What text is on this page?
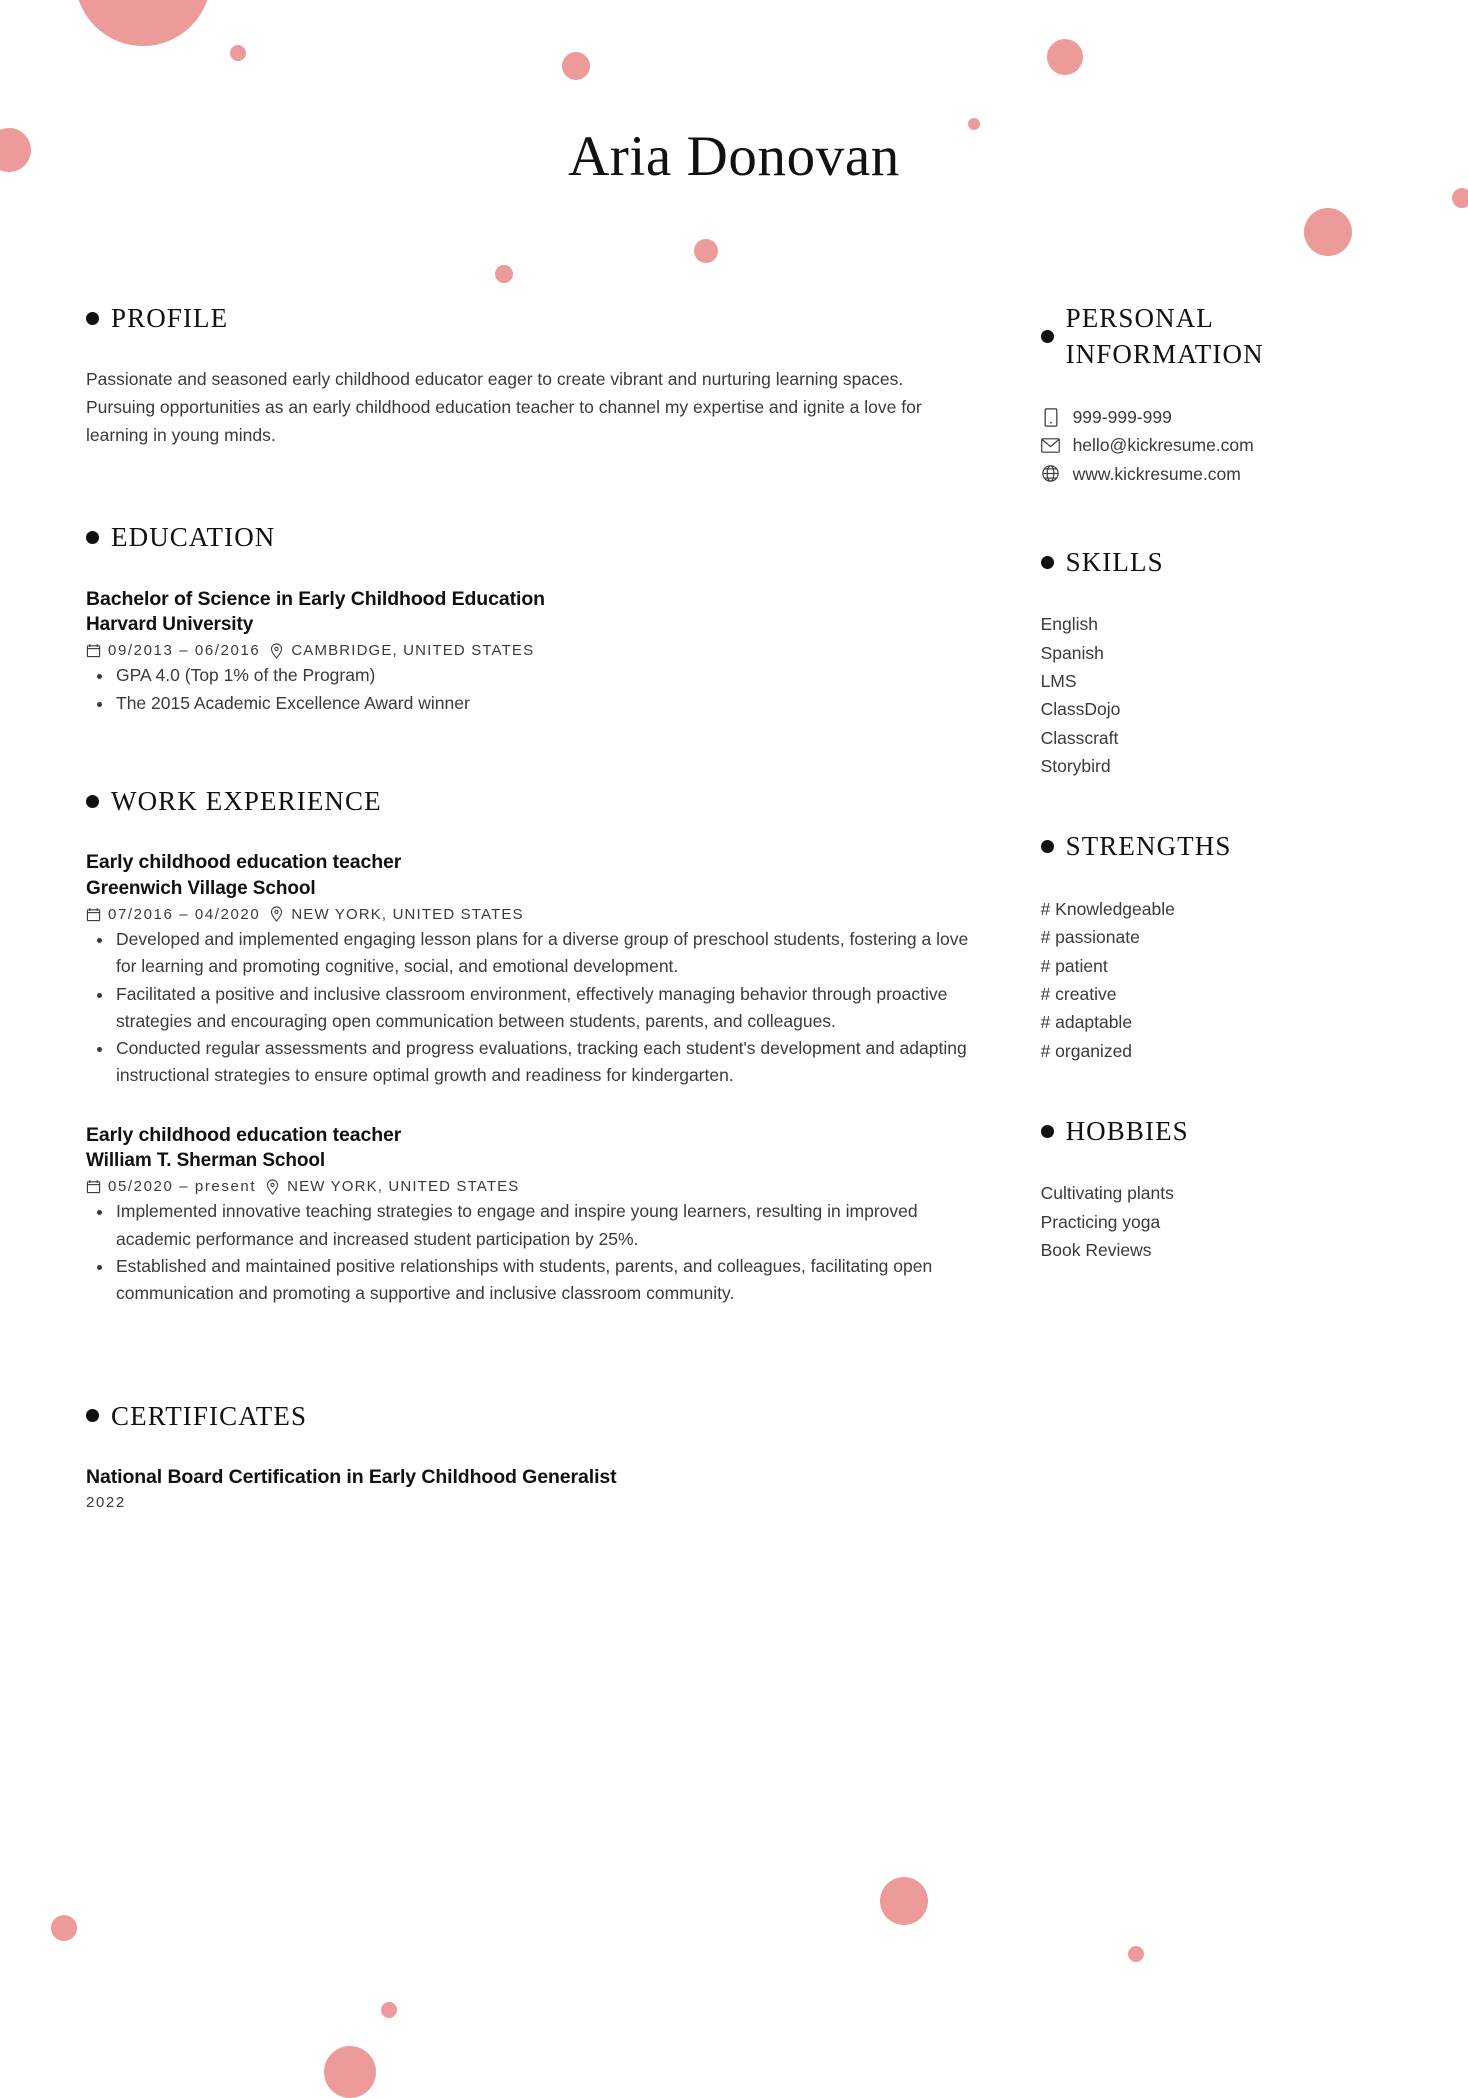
Aria Donovan
PROFILE
Passionate and seasoned early childhood educator eager to create vibrant and nurturing learning spaces. Pursuing opportunities as an early childhood education teacher to channel my expertise and ignite a love for learning in young minds.
EDUCATION
Bachelor of Science in Early Childhood Education
Harvard University
09/2013 – 06/2016 CAMBRIDGE, UNITED STATES
GPA 4.0 (Top 1% of the Program)
The 2015 Academic Excellence Award winner
WORK EXPERIENCE
Early childhood education teacher
Greenwich Village School
07/2016 – 04/2020 NEW YORK, UNITED STATES
Developed and implemented engaging lesson plans for a diverse group of preschool students, fostering a love for learning and promoting cognitive, social, and emotional development.
Facilitated a positive and inclusive classroom environment, effectively managing behavior through proactive strategies and encouraging open communication between students, parents, and colleagues.
Conducted regular assessments and progress evaluations, tracking each student's development and adapting instructional strategies to ensure optimal growth and readiness for kindergarten.
Early childhood education teacher
William T. Sherman School
05/2020 – present NEW YORK, UNITED STATES
Implemented innovative teaching strategies to engage and inspire young learners, resulting in improved academic performance and increased student participation by 25%.
Established and maintained positive relationships with students, parents, and colleagues, facilitating open communication and promoting a supportive and inclusive classroom community.
CERTIFICATES
National Board Certification in Early Childhood Generalist
2022
PERSONAL
INFORMATION
999-999-999
hello@kickresume.com
www.kickresume.com
SKILLS
English
Spanish
LMS
ClassDojo
Classcraft
Storybird
STRENGTHS
# Knowledgeable
# passionate
# patient
# creative
# adaptable
# organized
HOBBIES
Cultivating plants
Practicing yoga
Book Reviews
